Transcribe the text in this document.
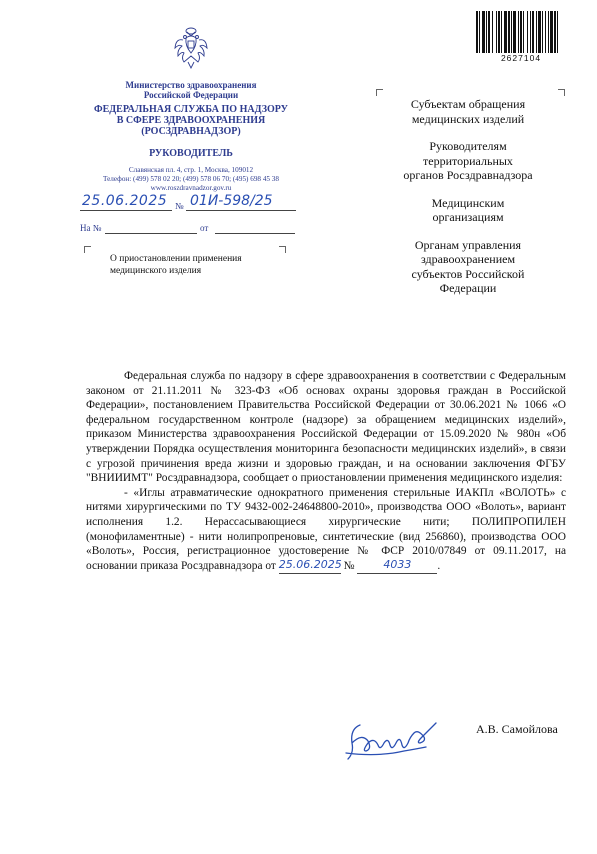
2627104
Министерство здравоохранения
Российской Федерации
ФЕДЕРАЛЬНАЯ СЛУЖБА ПО НАДЗОРУ
В СФЕРЕ ЗДРАВООХРАНЕНИЯ
(РОСЗДРАВНАДЗОР)
РУКОВОДИТЕЛЬ
Славянская пл. 4, стр. 1, Москва, 109012
Телефон: (499) 578 02 20; (499) 578 06 70; (495) 698 45 38
www.roszdravnadzor.gov.ru
25.06.2025 № 01И-598/25
На №	от
О приостановлении применения
медицинского изделия
Субъектам обращения
медицинских изделий
Руководителям
территориальных
органов Росздравнадзора
Медицинским
организациям
Органам управления
здравоохранением
субъектов Российской
Федерации

Федеральная служба по надзору в сфере здравоохранения в соответствии с Федеральным законом от 21.11.2011 № 323-ФЗ «Об основах охраны здоровья граждан в Российской Федерации», постановлением Правительства Российской Федерации от 30.06.2021 № 1066 «О федеральном государственном контроле (надзоре) за обращением медицинских изделий», приказом Министерства здравоохранения Российской Федерации от 15.09.2020 № 980н «Об утверждении Порядка осуществления мониторинга безопасности медицинских изделий», в связи с угрозой причинения вреда жизни и здоровью граждан, и на основании заключения ФГБУ "ВНИИИМТ" Росздравнадзора, сообщает о приостановлении применения медицинского изделия:

- «Иглы атравматические однократного применения стерильные ИАКПл «ВОЛОТЬ» с нитями хирургическими по ТУ 9432-002-24648800-2010», производства ООО «Волоть», вариант исполнения 1.2. Нерассасывающиеся хирургические нити; ПОЛИПРОПИЛЕН (монофиламентные) - нити нолипропреновые, синтетические (вид 256860), производства ООО «Волоть», Россия, регистрационное удостоверение № ФСР 2010/07849 от 09.11.2017, на основании приказа Росздравнадзора от 25.06.2025 №	4033 .

А.В. Самойлова
